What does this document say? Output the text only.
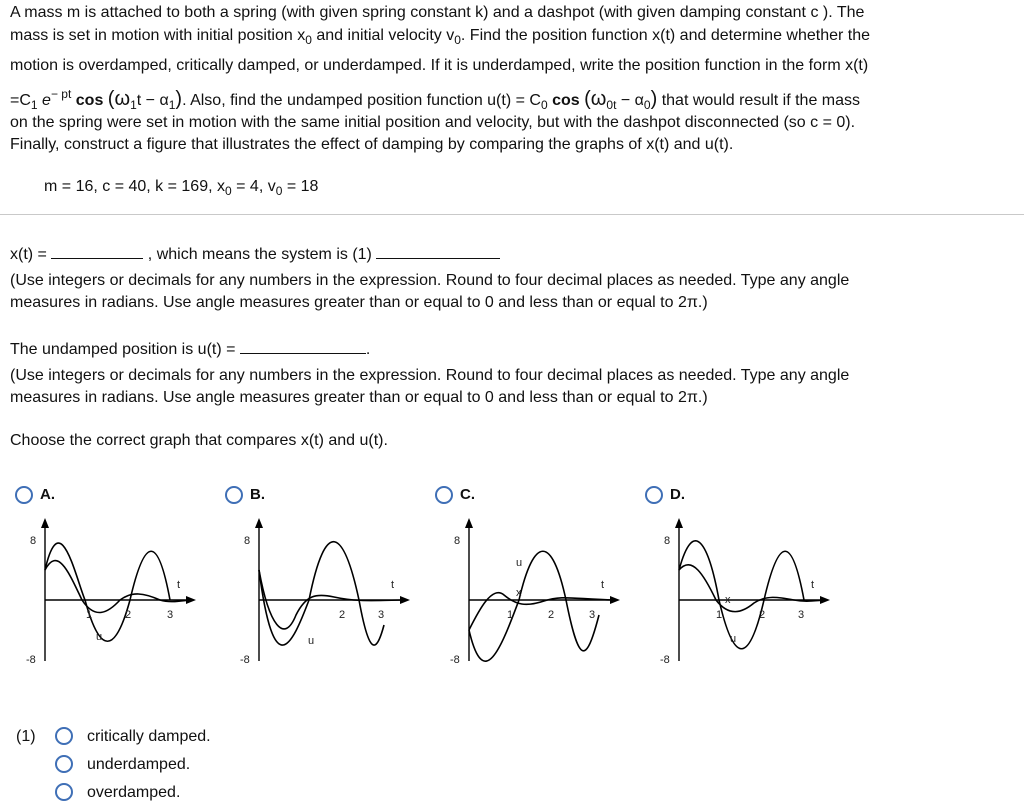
A mass m is attached to both a spring (with given spring constant k) and a dashpot (with given damping constant c ). The
mass is set in motion with initial position $x_0$ and initial velocity $v_0$. Find the position function x(t) and determine whether the
motion is overdamped, critically damped, or underdamped. If it is underdamped, write the position function in the form x(t)
$=C_1$ $e^{- pt}$ $\cos (\omega_1t - \alpha_1)$. Also, find the undamped position function $u(t) = C_0$ $\cos (\omega_{0t} - \alpha_0)$ that would result if the mass
on the spring were set in motion with the same initial position and velocity, but with the dashpot disconnected (so c = 0).
Finally, construct a figure that illustrates the effect of damping by comparing the graphs of x(t) and u(t).
m = 16, c = 40, k = 169, $x_0 = 4$, $v_0 = 18$
x(t) =	, which means the system is (1)
(Use integers or decimals for any numbers in the expression. Round to four decimal places as needed. Type any angle
measures in radians. Use angle measures greater than or equal to 0 and less than or equal to 2π.)
The undamped position is u(t) =	.
(Use integers or decimals for any numbers in the expression. Round to four decimal places as needed. Type any angle
measures in radians. Use angle measures greater than or equal to 0 and less than or equal to 2π.)
Choose the correct graph that compares x(t) and u(t).
A.	B.	C.	D.
8
-8
t
1	2	3
u
8
-8
t
2	3
u
8
-8
t
1	2	3
u
x
8
-8
t
1	2	3
u
x
(1)	critically damped.
underdamped.
overdamped.
